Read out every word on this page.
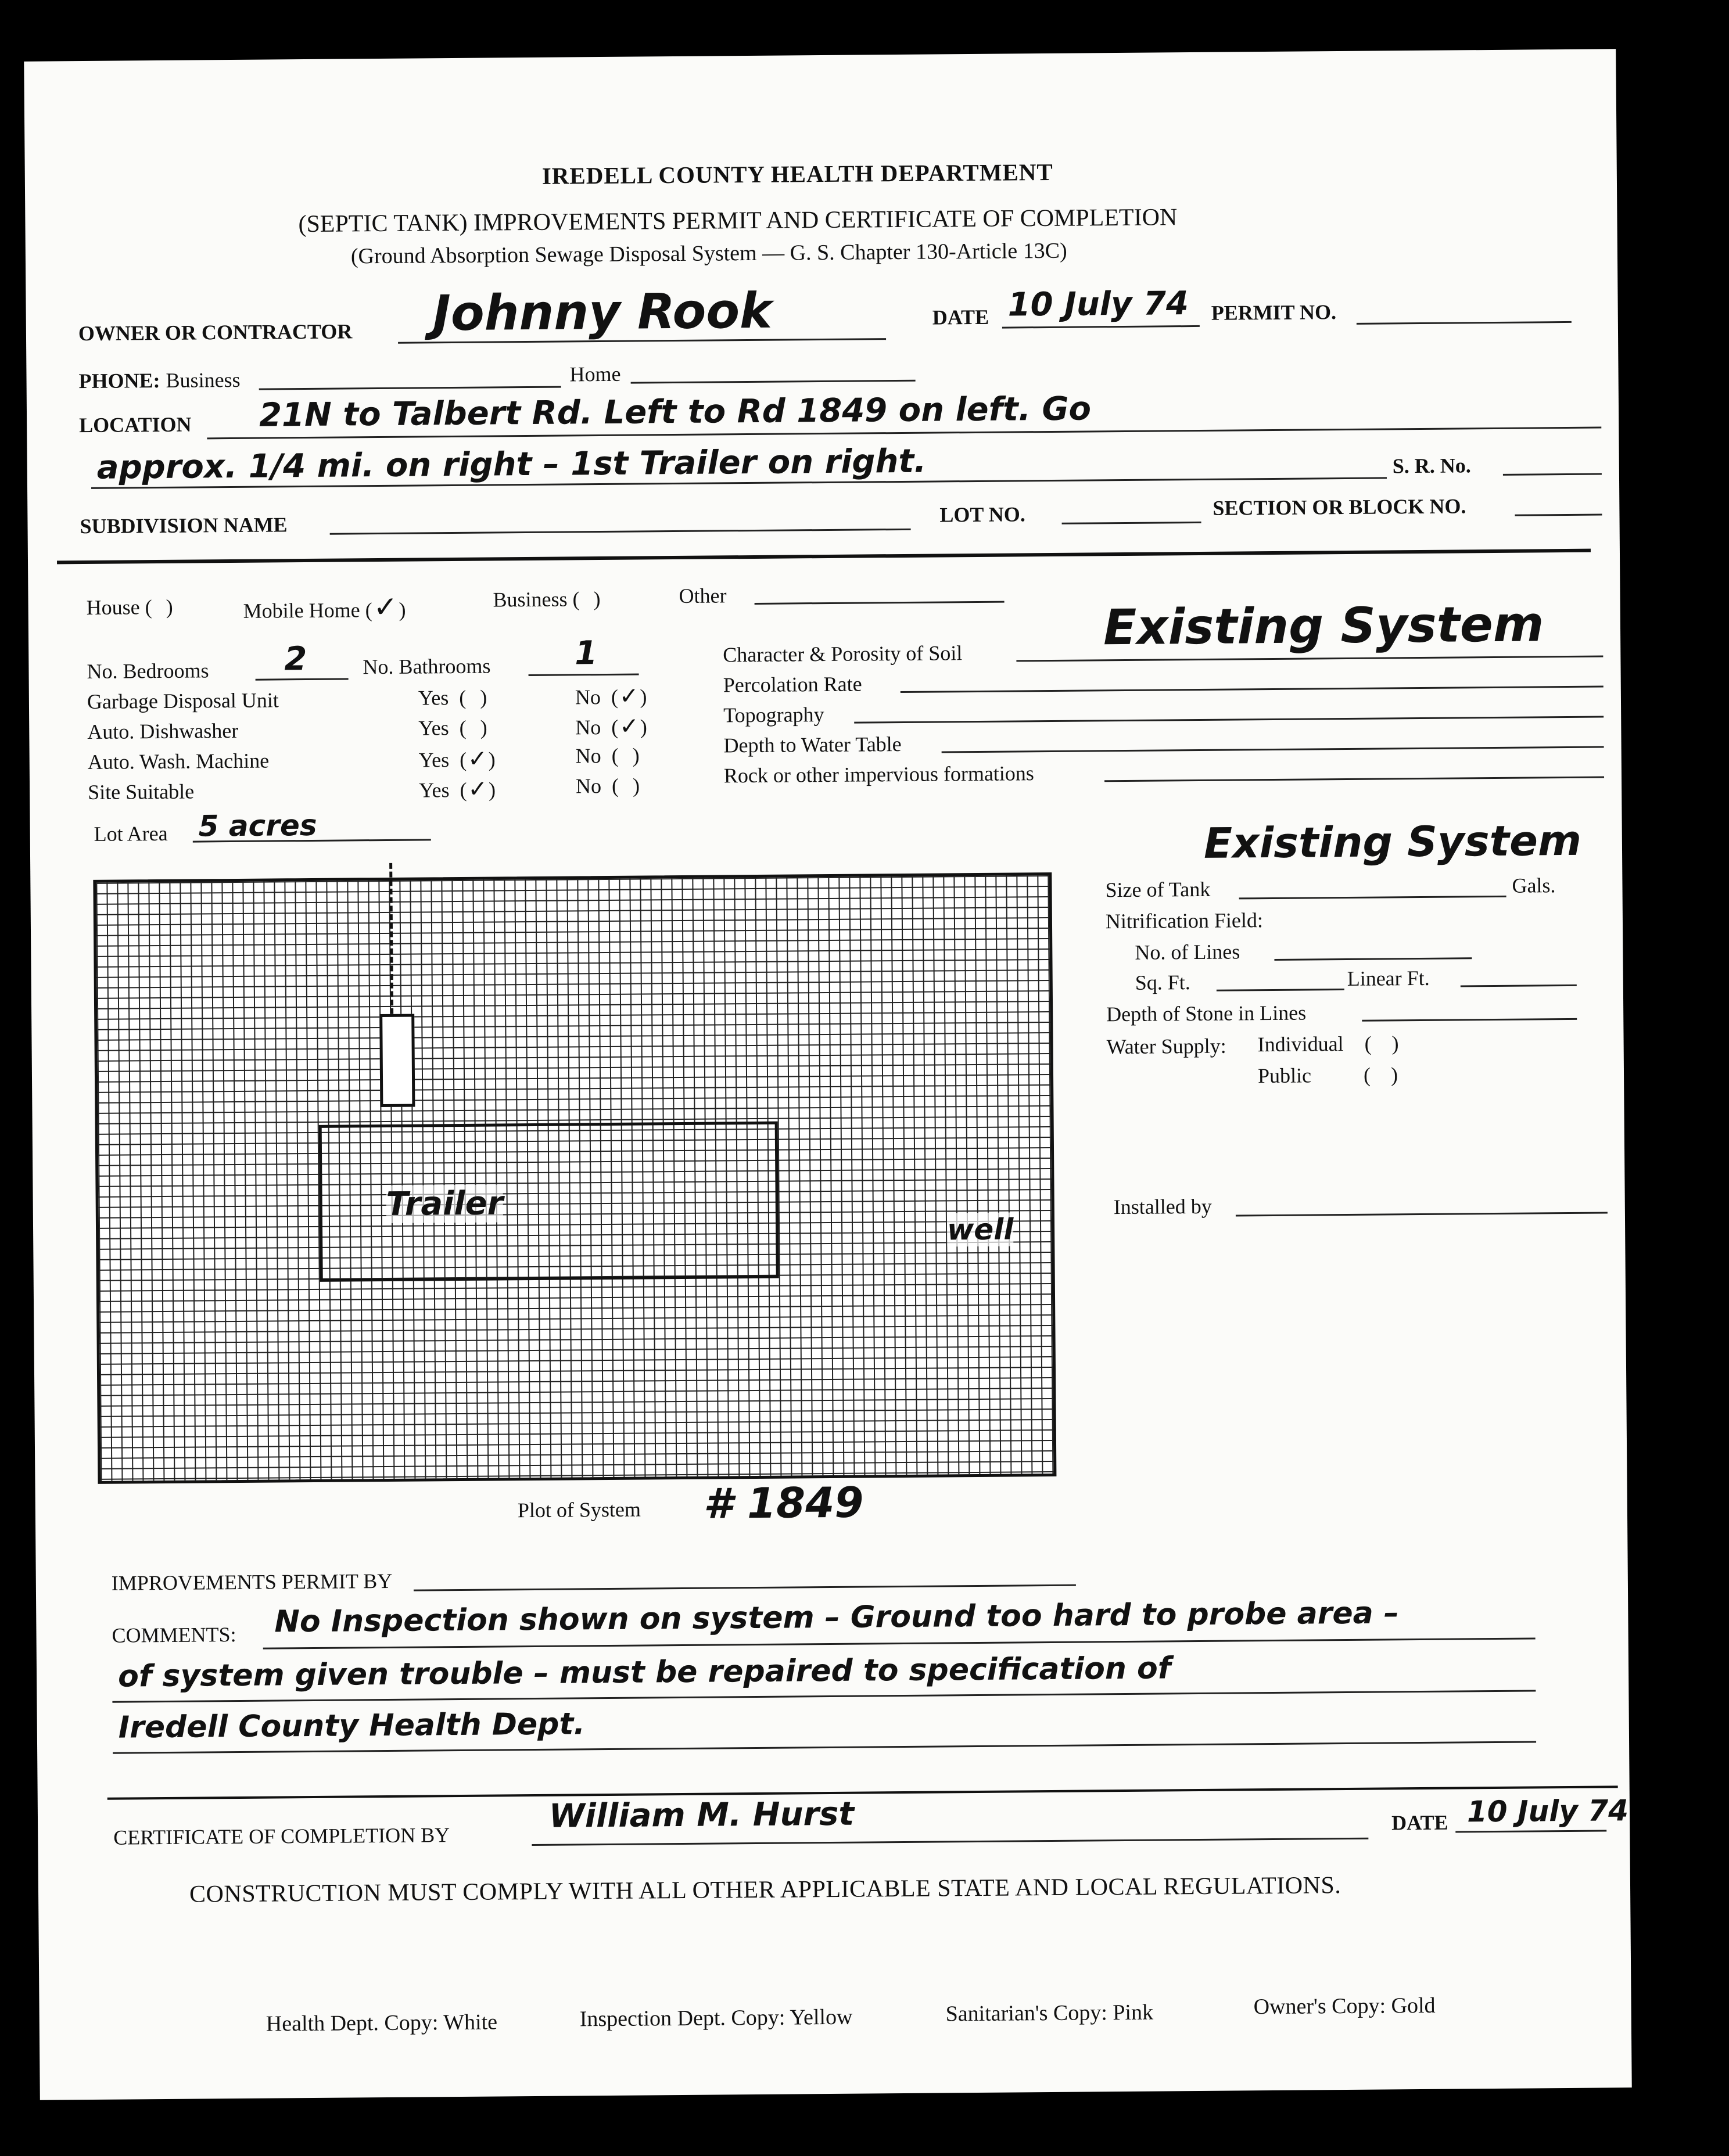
IREDELL COUNTY HEALTH DEPARTMENT
(SEPTIC TANK) IMPROVEMENTS PERMIT AND CERTIFICATE OF COMPLETION
(Ground Absorption Sewage Disposal System — G. S. Chapter 130-Article 13C)
OWNER OR CONTRACTOR Johnny Rook	DATE 10 July 74 PERMIT NO.
PHONE: Business	Home
LOCATION 21N to Talbert Rd. Left to Rd 1849 on left. Go
approx. 1/4 mi. on right – 1st Trailer on right.	S. R. No.
SUBDIVISION NAME	LOT NO.	SECTION OR BLOCK NO.
House (  )	Mobile Home (✓)	Business (  )	Other
No. Bedrooms 2	No. Bathrooms	1
Garbage Disposal Unit	Yes (  )	No (✓)
Auto. Dishwasher	Yes (  )	No (✓)
Auto. Wash. Machine	Yes (✓)	No (  )
Site Suitable	Yes (✓)	No (  )
Lot Area 5 acres
Character & Porosity of Soil	Existing System
Percolation Rate
Topography
Depth to Water Table
Rock or other impervious formations
Trailer
well
Plot of System # 1849
Existing System
Size of Tank	Gals.
Nitrification Field:
No. of Lines
Sq. Ft.	Linear Ft.
Depth of Stone in Lines
Water Supply: Individual (   )
Public (   )
Installed by
IMPROVEMENTS PERMIT BY
COMMENTS: No Inspection shown on system – Ground too hard to probe area –
of system given trouble – must be repaired to specification of
Iredell County Health Dept.
CERTIFICATE OF COMPLETION BY
William M. Hurst	DATE 10 July 74
CONSTRUCTION MUST COMPLY WITH ALL OTHER APPLICABLE STATE AND LOCAL REGULATIONS.
Health Dept. Copy: White	Inspection Dept. Copy: Yellow	Sanitarian's Copy: Pink	Owner's Copy: Gold
